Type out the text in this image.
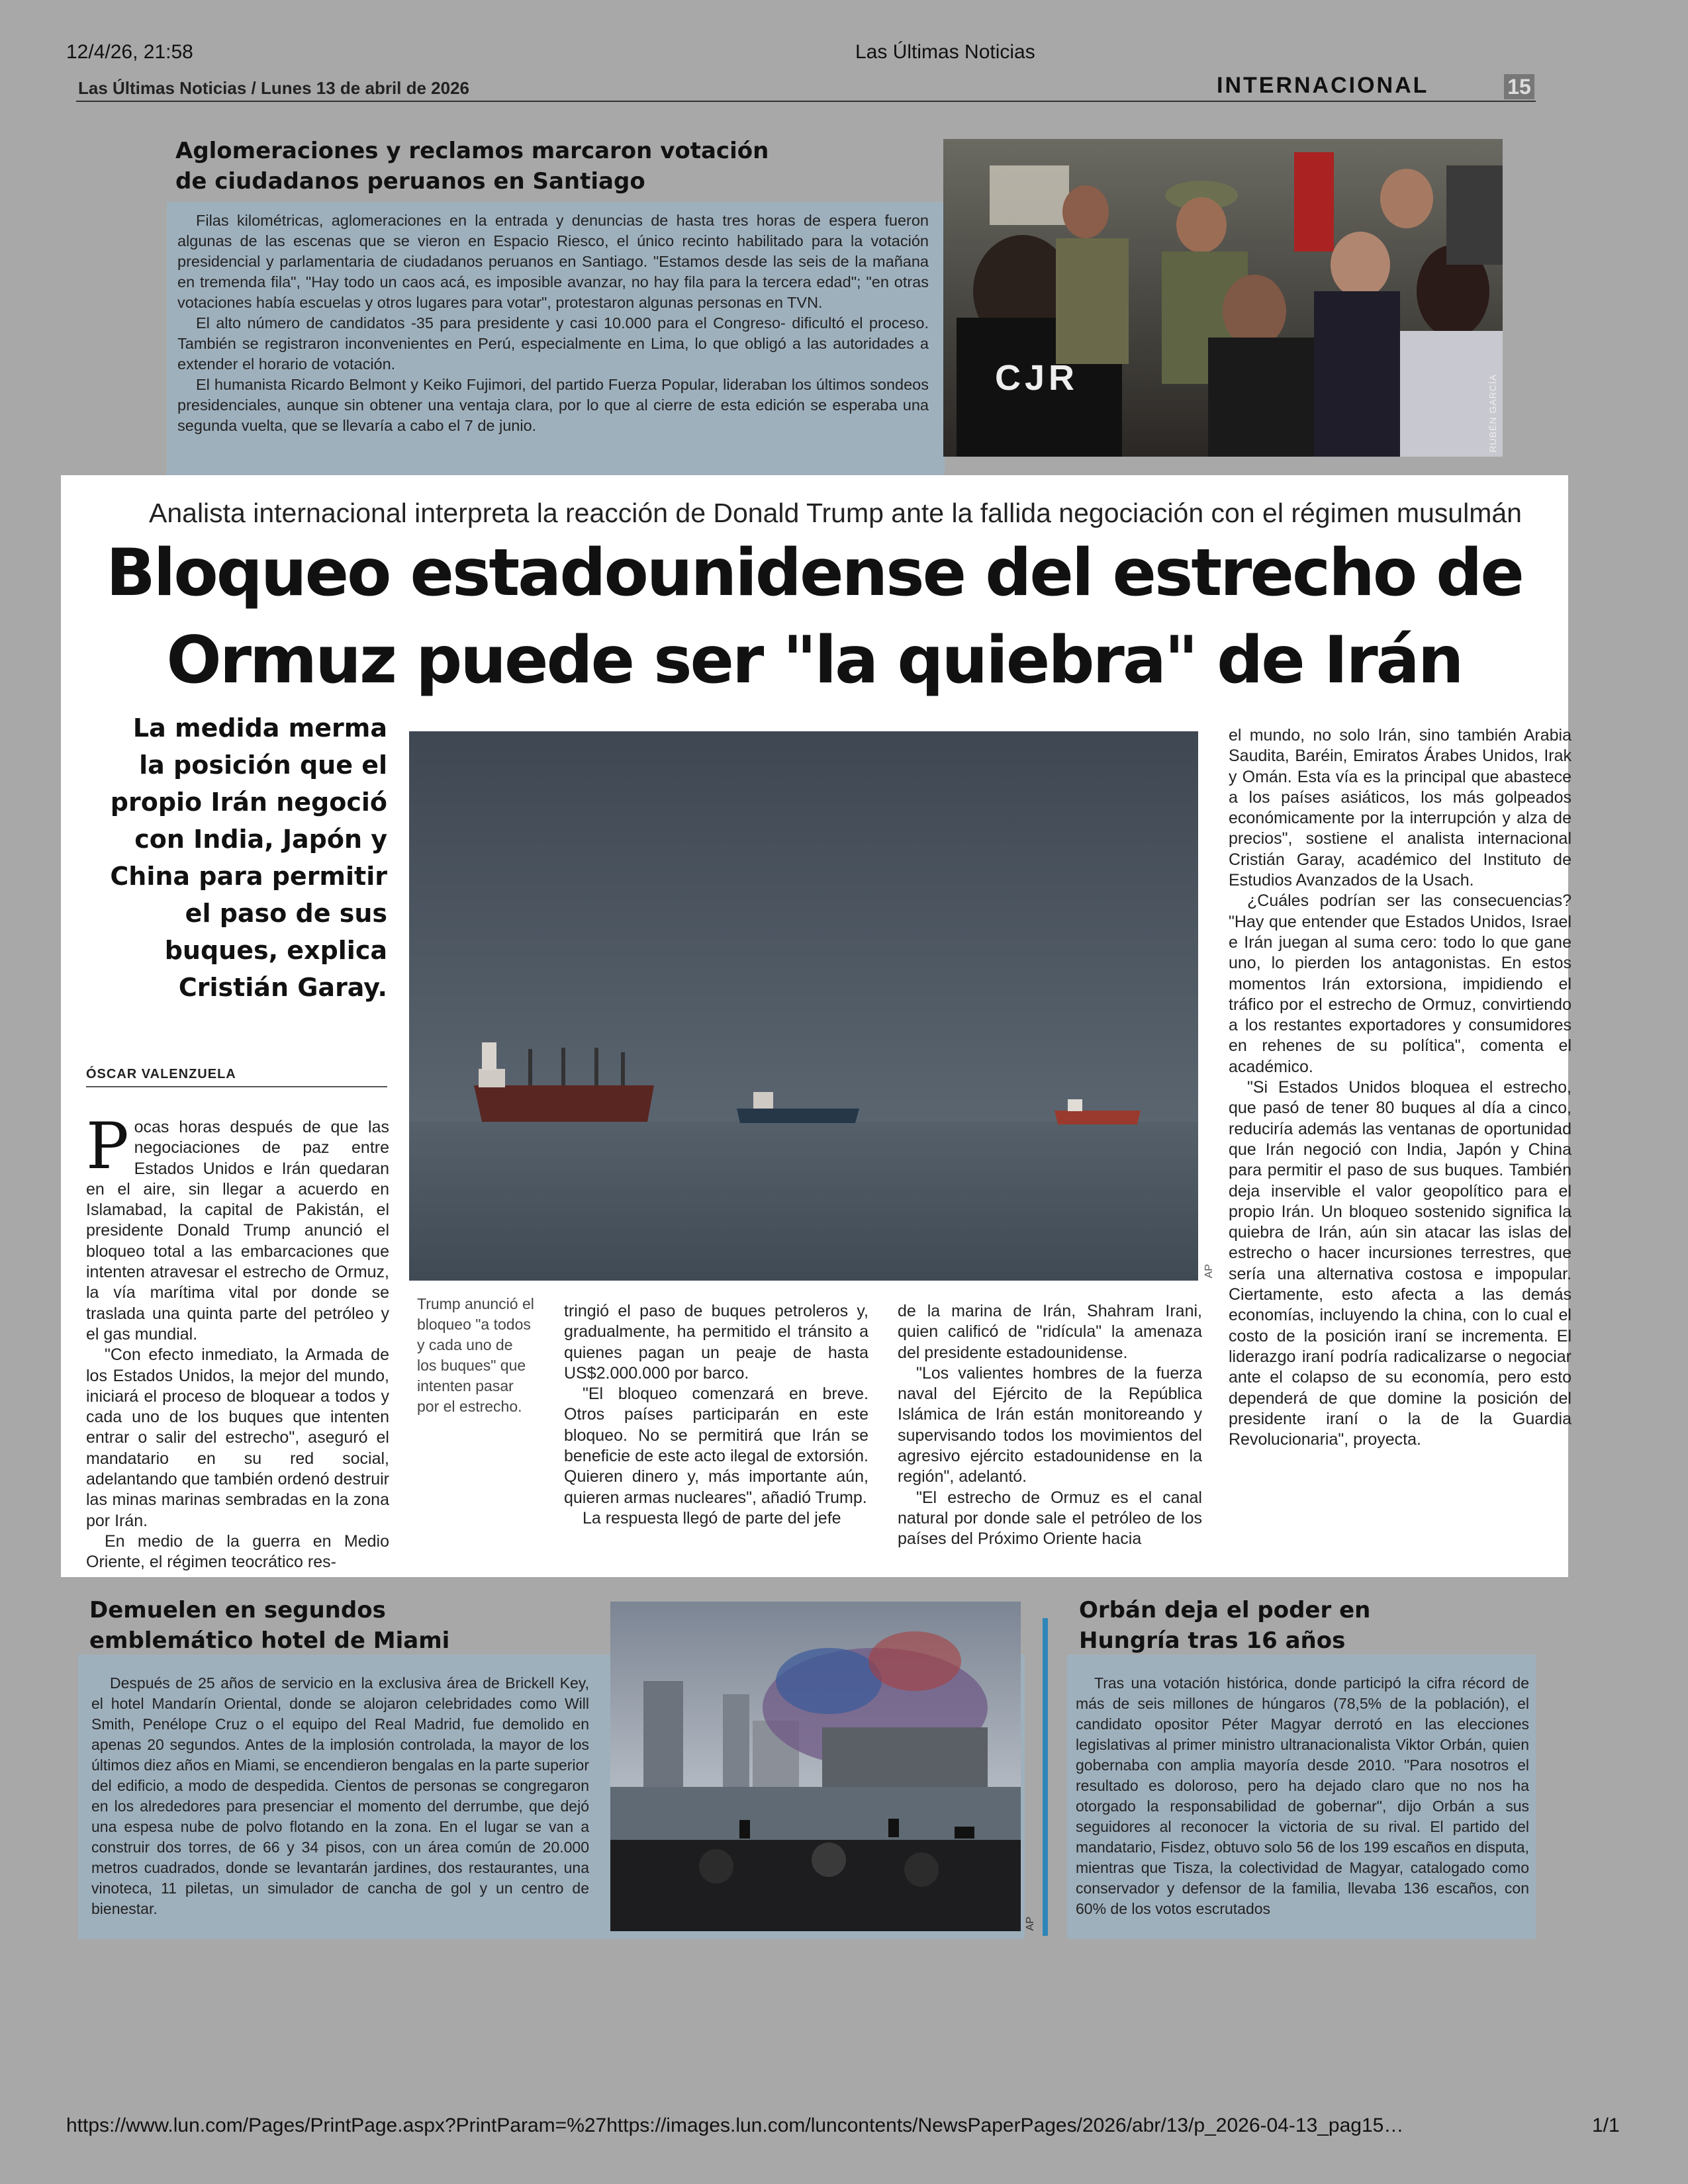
12/4/26, 21:58	Las Últimas Noticias
Las Últimas Noticias / Lunes 13 de abril de 2026	INTERNACIONAL	15
Aglomeraciones y reclamos marcaron votación
de ciudadanos peruanos en Santiago

Filas kilométricas, aglomeraciones en la entrada y denuncias de hasta tres horas de espera fueron algunas de las escenas que se vieron en Espacio Riesco, el único recinto habilitado para la votación presidencial y parlamentaria de ciudadanos peruanos en Santiago. "Estamos desde las seis de la mañana en tremenda fila", "Hay todo un caos acá, es imposible avanzar, no hay fila para la tercera edad"; "en otras votaciones había escuelas y otros lugares para votar", protestaron algunas personas en TVN.

El alto número de candidatos -35 para presidente y casi 10.000 para el Congreso- dificultó el proceso. También se registraron inconvenientes en Perú, especialmente en Lima, lo que obligó a las autoridades a extender el horario de votación.

El humanista Ricardo Belmont y Keiko Fujimori, del partido Fuerza Popular, lideraban los últimos sondeos presidenciales, aunque sin obtener una ventaja clara, por lo que al cierre de esta edición se esperaba una segunda vuelta, que se llevaría a cabo el 7 de junio.

CJR	RUBÉN GARCÍA
Analista internacional interpreta la reacción de Donald Trump ante la fallida negociación con el régimen musulmán
Bloqueo estadounidense del estrecho de
Ormuz puede ser "la quiebra" de Irán
La medida merma la posición que el propio Irán negoció con India, Japón y China para permitir el paso de sus buques, explica Cristián Garay.
ÓSCAR VALENZUELA
AP

Pocas horas después de que las negociaciones de paz entre Estados Unidos e Irán quedaran en el aire, sin llegar a acuerdo en Islamabad, la capital de Pakistán, el presidente Donald Trump anunció el bloqueo total a las embarcaciones que intenten atravesar el estrecho de Ormuz, la vía marítima vital por donde se traslada una quinta parte del petróleo y el gas mundial.

"Con efecto inmediato, la Armada de los Estados Unidos, la mejor del mundo, iniciará el proceso de bloquear a todos y cada uno de los buques que intenten entrar o salir del estrecho", aseguró el mandatario en su red social, adelantando que también ordenó destruir las minas marinas sembradas en la zona por Irán.

En medio de la guerra en Medio Oriente, el régimen teocrático res-

Trump anunció el bloqueo "a todos y cada uno de los buques" que intenten pasar por el estrecho.

tringió el paso de buques petroleros y, gradualmente, ha permitido el tránsito a quienes pagan un peaje de hasta US$2.000.000 por barco.

"El bloqueo comenzará en breve. Otros países participarán en este bloqueo. No se permitirá que Irán se beneficie de este acto ilegal de extorsión. Quieren dinero y, más importante aún, quieren armas nucleares", añadió Trump.

La respuesta llegó de parte del jefe

de la marina de Irán, Shahram Irani, quien calificó de "ridícula" la amenaza del presidente estadounidense.

"Los valientes hombres de la fuerza naval del Ejército de la República Islámica de Irán están monitoreando y supervisando todos los movimientos del agresivo ejército estadounidense en la región", adelantó.

"El estrecho de Ormuz es el canal natural por donde sale el petróleo de los países del Próximo Oriente hacia

el mundo, no solo Irán, sino también Arabia Saudita, Baréin, Emiratos Árabes Unidos, Irak y Omán. Esta vía es la principal que abastece a los países asiáticos, los más golpeados económicamente por la interrupción y alza de precios", sostiene el analista internacional Cristián Garay, académico del Instituto de Estudios Avanzados de la Usach.

¿Cuáles podrían ser las consecuencias? "Hay que entender que Estados Unidos, Israel e Irán juegan al suma cero: todo lo que gane uno, lo pierden los antagonistas. En estos momentos Irán extorsiona, impidiendo el tráfico por el estrecho de Ormuz, convirtiendo a los restantes exportadores y consumidores en rehenes de su política", comenta el académico.

"Si Estados Unidos bloquea el estrecho, que pasó de tener 80 buques al día a cinco, reduciría además las ventanas de oportunidad que Irán negoció con India, Japón y China para permitir el paso de sus buques. También deja inservible el valor geopolítico para el propio Irán. Un bloqueo sostenido significa la quiebra de Irán, aún sin atacar las islas del estrecho o hacer incursiones terrestres, que sería una alternativa costosa e impopular. Ciertamente, esto afecta a las demás economías, incluyendo la china, con lo cual el costo de la posición iraní se incrementa. El liderazgo iraní podría radicalizarse o negociar ante el colapso de su economía, pero esto dependerá de que domine la posición del presidente iraní o la de la Guardia Revolucionaria", proyecta.

Demuelen en segundos
emblemático hotel de Miami

Después de 25 años de servicio en la exclusiva área de Brickell Key, el hotel Mandarín Oriental, donde se alojaron celebridades como Will Smith, Penélope Cruz o el equipo del Real Madrid, fue demolido en apenas 20 segundos. Antes de la implosión controlada, la mayor de los últimos diez años en Miami, se encendieron bengalas en la parte superior del edificio, a modo de despedida. Cientos de personas se congregaron en los alrededores para presenciar el momento del derrumbe, que dejó una espesa nube de polvo flotando en la zona. En el lugar se van a construir dos torres, de 66 y 34 pisos, con un área común de 20.000 metros cuadrados, donde se levantarán jardines, dos restaurantes, una vinoteca, 11 piletas, un simulador de cancha de gol y un centro de bienestar.

AP
Orbán deja el poder en
Hungría tras 16 años

Tras una votación histórica, donde participó la cifra récord de más de seis millones de húngaros (78,5% de la población), el candidato opositor Péter Magyar derrotó en las elecciones legislativas al primer ministro ultranacionalista Viktor Orbán, quien gobernaba con amplia mayoría desde 2010. "Para nosotros el resultado es doloroso, pero ha dejado claro que no nos ha otorgado la responsabilidad de gobernar", dijo Orbán a sus seguidores al reconocer la victoria de su rival. El partido del mandatario, Fisdez, obtuvo solo 56 de los 199 escaños en disputa, mientras que Tisza, la colectividad de Magyar, catalogado como conservador y defensor de la familia, llevaba 136 escaños, con 60% de los votos escrutados

https://www.lun.com/Pages/PrintPage.aspx?PrintParam=%27https://images.lun.com/luncontents/NewsPaperPages/2026/abr/13/p_2026-04-13_pag15…	1/1
